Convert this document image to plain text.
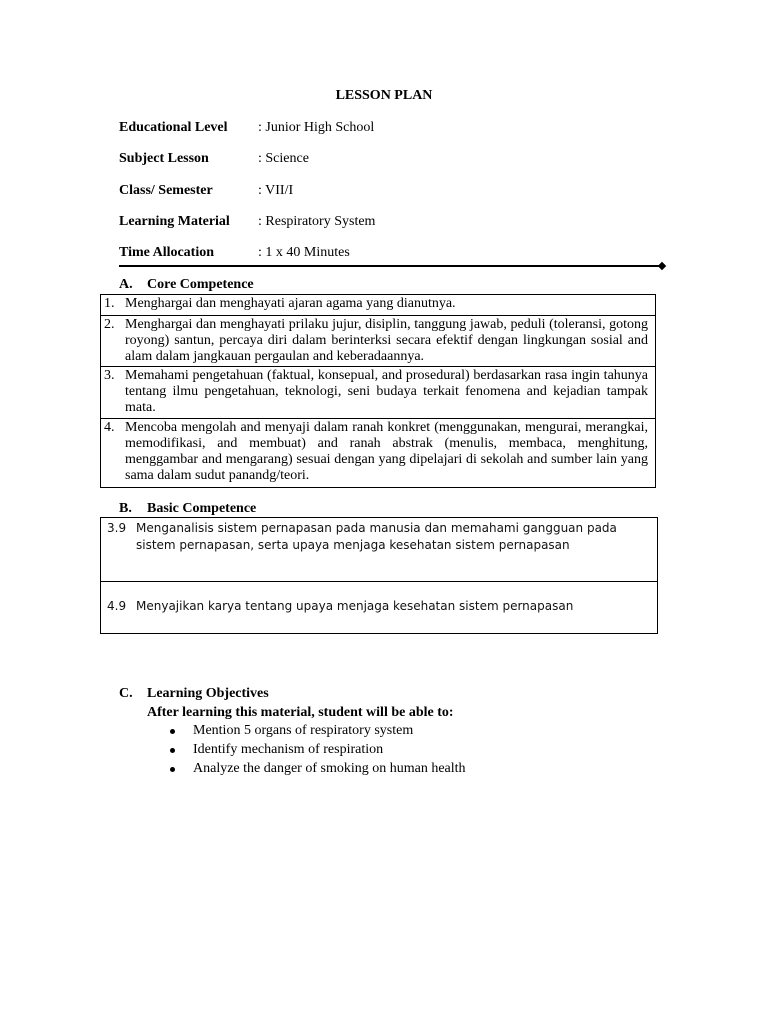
LESSON PLAN
Educational Level : Junior High School
Subject Lesson	: Science
Class/ Semester	: VII/I
Learning Material : Respiratory System
Time Allocation	: 1 x 40 Minutes
A. Core Competence
1. Menghargai dan menghayati ajaran agama yang dianutnya.
2. Menghargai dan menghayati prilaku jujur, disiplin, tanggung jawab, peduli (toleransi, gotong royong) santun, percaya diri dalam berinterksi secara efektif dengan lingkungan sosial and alam dalam jangkauan pergaulan and keberadaannya.
3. Memahami pengetahuan (faktual, konsepual, and prosedural) berdasarkan rasa ingin tahunya tentang ilmu pengetahuan, teknologi, seni budaya terkait fenomena and kejadian tampak mata.
4. Mencoba mengolah and menyaji dalam ranah konkret (menggunakan, mengurai, merangkai, memodifikasi, and membuat) and ranah abstrak (menulis, membaca, menghitung, menggambar and mengarang) sesuai dengan yang dipelajari di sekolah and sumber lain yang sama dalam sudut panandg/teori.
B. Basic Competence
3.9 Menganalisis sistem pernapasan pada manusia dan memahami gangguan pada sistem pernapasan, serta upaya menjaga kesehatan sistem pernapasan
4.9 Menyajikan karya tentang upaya menjaga kesehatan sistem pernapasan
C. Learning Objectives
After learning this material, student will be able to:
Mention 5 organs of respiratory system
Identify mechanism of respiration
Analyze the danger of smoking on human health
